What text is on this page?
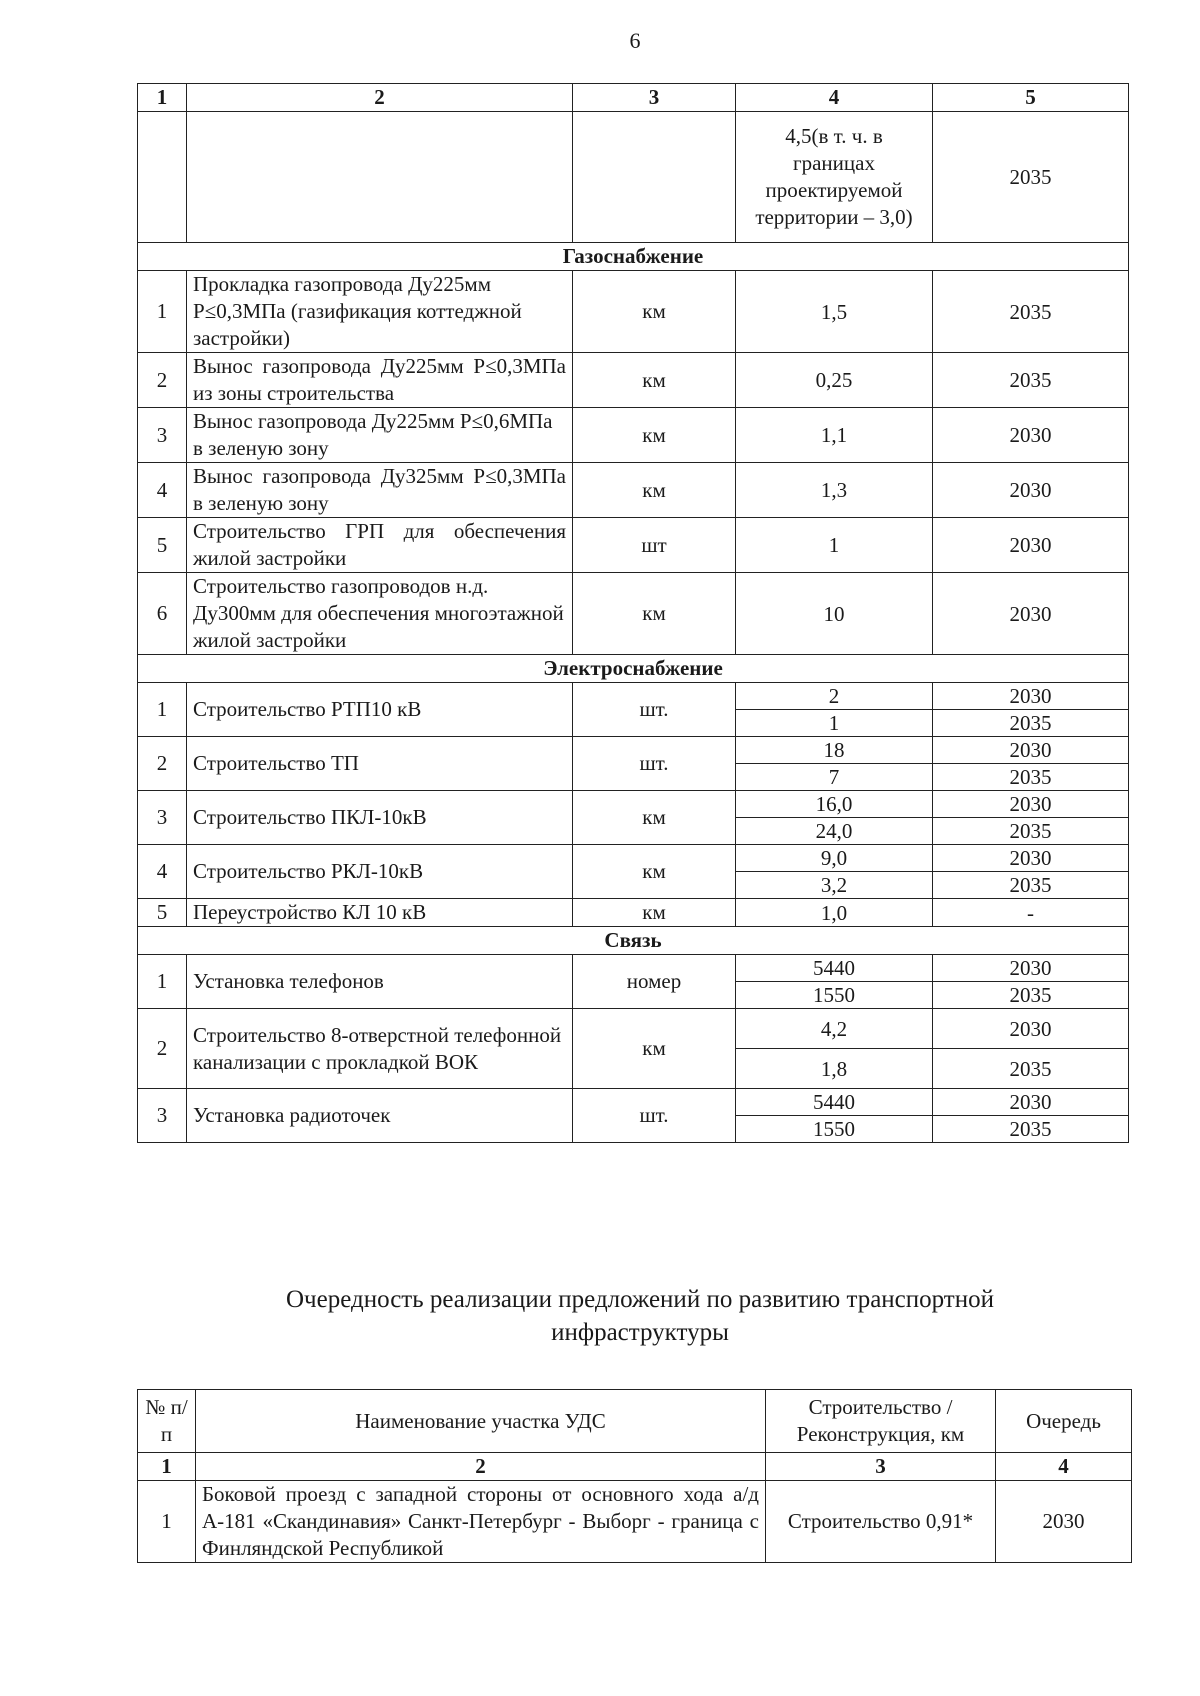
6
1	2	3	4	5
			4,5(в т. ч. в границах проектируемой территории – 3,0)	2035
Газоснабжение				
1	Прокладка газопровода Ду225мм Р≤0,3МПа (газификация коттеджной застройки)	км	1,5	2035
2	Вынос газопровода Ду225мм Р≤0,3МПа из зоны строительства	км	0,25	2035
3	Вынос газопровода Ду225мм Р≤0,6МПа в зеленую зону	км	1,1	2030
4	Вынос газопровода Ду325мм Р≤0,3МПа в зеленую зону	км	1,3	2030
5	Строительство ГРП для обеспечения жилой застройки	шт	1	2030
6	Строительство газопроводов н.д. Ду300мм для обеспечения многоэтажной жилой застройки	км	10	2030
Электроснабжение				
1	Строительство РТП10 кВ	шт.	2	2030
			1	2035
2	Строительство ТП	шт.	18	2030
			7	2035
3	Строительство ПКЛ-10кВ	км	16,0	2030
			24,0	2035
4	Строительство РКЛ-10кВ	км	9,0	2030
			3,2	2035
5	Переустройство КЛ 10 кВ	км	1,0	-
Связь				
1	Установка телефонов	номер	5440	2030
			1550	2035
2	Строительство 8-отверстной телефонной канализации с прокладкой ВОК	км	4,2	2030
			1,8	2035
3	Установка радиоточек	шт.	5440	2030
			1550	2035
Очередность реализации предложений по развитию транспортной инфраструктуры
№ п/п	Наименование участка УДС	Строительство / Реконструкция, км	Очередь
1	2	3	4
1	Боковой проезд с западной стороны от основного хода а/д А-181 «Скандинавия» Санкт-Петербург - Выборг - граница с Финляндской Республикой	Строительство 0,91*	2030
